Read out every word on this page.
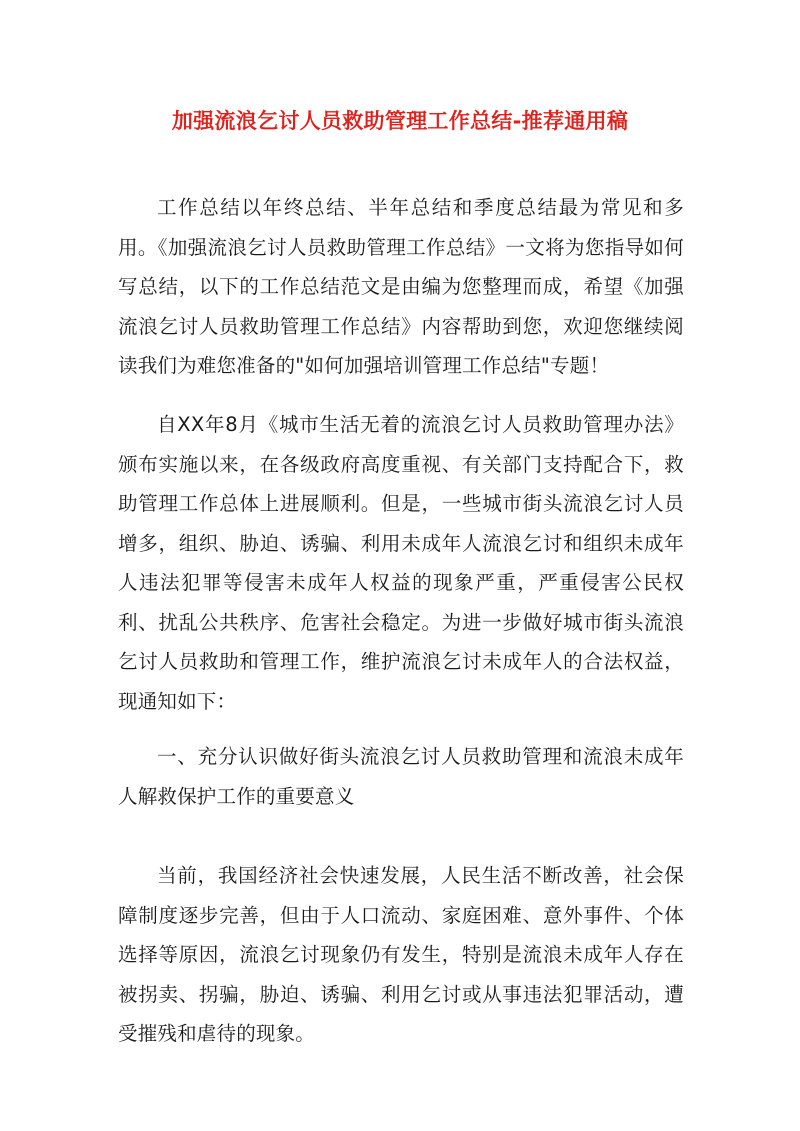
加强流浪乞讨人员救助管理工作总结-推荐通用稿

工作总结以年终总结、半年总结和季度总结最为常见和多用。《加强流浪乞讨人员救助管理工作总结》一文将为您指导如何写总结，以下的工作总结范文是由编为您整理而成，希望《加强流浪乞讨人员救助管理工作总结》内容帮助到您，欢迎您继续阅读我们为难您准备的"如何加强培训管理工作总结"专题！

自XX年8月《城市生活无着的流浪乞讨人员救助管理办法》颁布实施以来，在各级政府高度重视、有关部门支持配合下，救助管理工作总体上进展顺利。但是，一些城市街头流浪乞讨人员增多，组织、胁迫、诱骗、利用未成年人流浪乞讨和组织未成年人违法犯罪等侵害未成年人权益的现象严重，严重侵害公民权利、扰乱公共秩序、危害社会稳定。为进一步做好城市街头流浪乞讨人员救助和管理工作，维护流浪乞讨未成年人的合法权益，现通知如下：

一、充分认识做好街头流浪乞讨人员救助管理和流浪未成年人解救保护工作的重要意义

当前，我国经济社会快速发展，人民生活不断改善，社会保障制度逐步完善，但由于人口流动、家庭困难、意外事件、个体选择等原因，流浪乞讨现象仍有发生，特别是流浪未成年人存在被拐卖、拐骗，胁迫、诱骗、利用乞讨或从事违法犯罪活动，遭受摧残和虐待的现象。
